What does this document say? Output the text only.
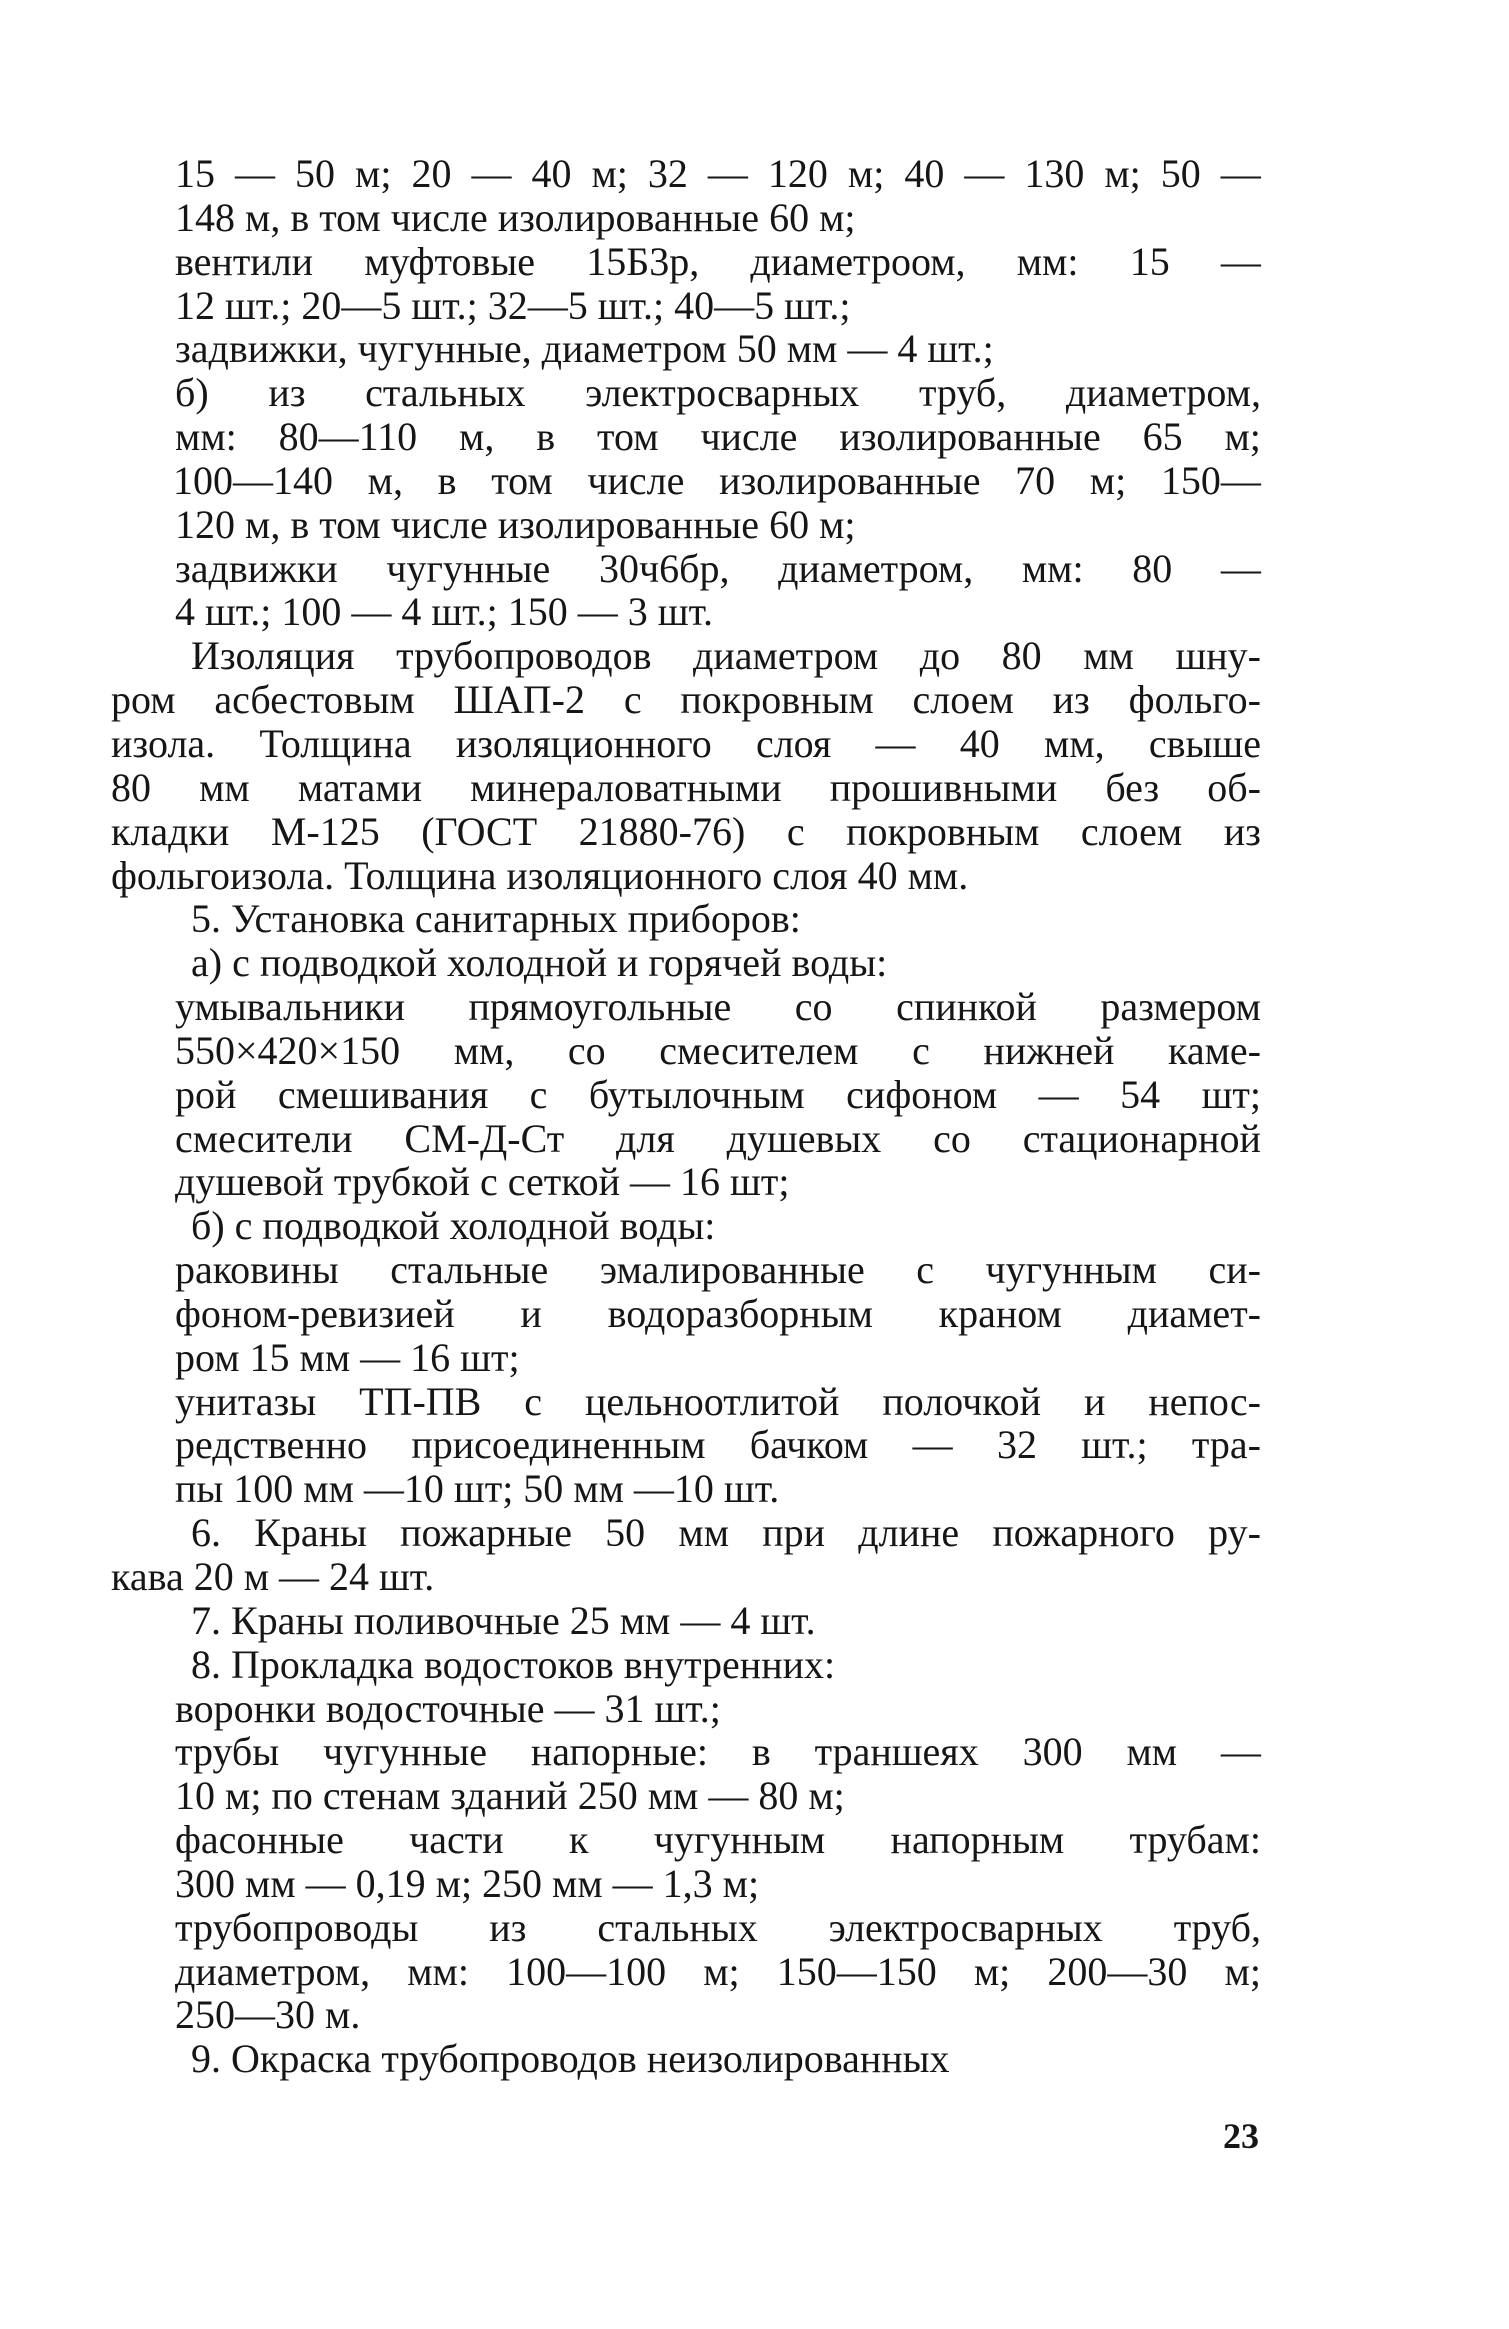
15 — 50 м; 20 — 40 м; 32 — 120 м; 40 — 130 м; 50 —
148 м, в том числе изолированные 60 м;
вентили муфтовые 15Б3р, диаметроом, мм: 15 —
12 шт.; 20—5 шт.; 32—5 шт.; 40—5 шт.;
задвижки, чугунные, диаметром 50 мм — 4 шт.;
б) из стальных электросварных труб, диаметром,
мм: 80—110 м, в том числе изолированные 65 м;
100—140 м, в том числе изолированные 70 м; 150—
120 м, в том числе изолированные 60 м;
задвижки чугунные 30ч6бр, диаметром, мм: 80 —
4 шт.; 100 — 4 шт.; 150 — 3 шт.
Изоляция трубопроводов диаметром до 80 мм шну-
ром асбестовым ШАП-2 с покровным слоем из фольго-
изола. Толщина изоляционного слоя — 40 мм, свыше
80 мм матами минераловатными прошивными без об-
кладки М-125 (ГОСТ 21880-76) с покровным слоем из
фольгоизола. Толщина изоляционного слоя 40 мм.
5. Установка санитарных приборов:
а) с подводкой холодной и горячей воды:
умывальники прямоугольные со спинкой размером
550×420×150 мм, со смесителем с нижней каме-
рой смешивания с бутылочным сифоном — 54 шт;
смесители СМ-Д-Ст для душевых со стационарной
душевой трубкой с сеткой — 16 шт;
б) с подводкой холодной воды:
раковины стальные эмалированные с чугунным си-
фоном-ревизией и водоразборным краном диамет-
ром 15 мм — 16 шт;
унитазы ТП-ПВ с цельноотлитой полочкой и непос-
редственно присоединенным бачком — 32 шт.; тра-
пы 100 мм —10 шт; 50 мм —10 шт.
6. Краны пожарные 50 мм при длине пожарного ру-
кава 20 м — 24 шт.
7. Краны поливочные 25 мм — 4 шт.
8. Прокладка водостоков внутренних:
воронки водосточные — 31 шт.;
трубы чугунные напорные: в траншеях 300 мм —
10 м; по стенам зданий 250 мм — 80 м;
фасонные части к чугунным напорным трубам:
300 мм — 0,19 м; 250 мм — 1,3 м;
трубопроводы из стальных электросварных труб,
диаметром, мм: 100—100 м; 150—150 м; 200—30 м;
250—30 м.
9. Окраска трубопроводов неизолированных
23
